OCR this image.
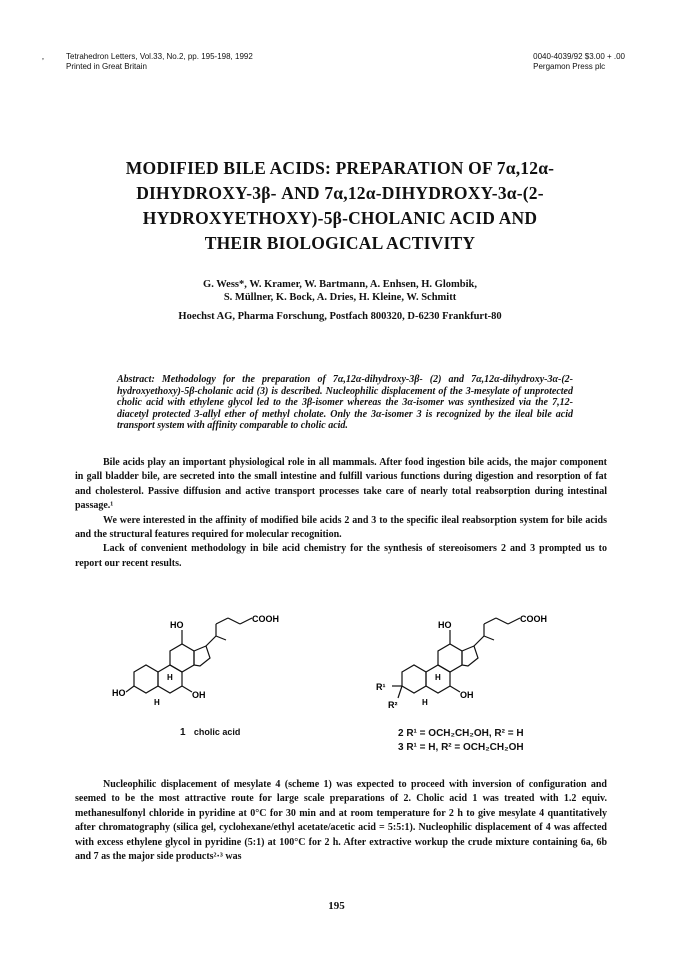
,	Tetrahedron Letters, Vol.33, No.2, pp. 195-198, 1992
Printed in Great Britain
0040-4039/92 $3.00 + .00
Pergamon Press plc
MODIFIED BILE ACIDS: PREPARATION OF 7α,12α-
DIHYDROXY-3β- AND 7α,12α-DIHYDROXY-3α-(2-
HYDROXYETHOXY)-5β-CHOLANIC ACID AND
THEIR BIOLOGICAL ACTIVITY
G. Wess*, W. Kramer, W. Bartmann, A. Enhsen, H. Glombik,
S. Müllner, K. Bock, A. Dries, H. Kleine, W. Schmitt
Hoechst AG, Pharma Forschung, Postfach 800320, D-6230 Frankfurt-80
Abstract: Methodology for the preparation of 7α,12α-dihydroxy-3β- (2) and 7α,12α-dihydroxy-3α-(2-hydroxyethoxy)-5β-cholanic acid (3) is described. Nucleophilic displacement of the 3-mesylate of unprotected cholic acid with ethylene glycol led to the 3β-isomer whereas the 3α-isomer was synthesized via the 7,12-diacetyl protected 3-allyl ether of methyl cholate. Only the 3α-isomer 3 is recognized by the ileal bile acid transport system with affinity comparable to cholic acid.

Bile acids play an important physiological role in all mammals. After food ingestion bile acids, the major component in gall bladder bile, are secreted into the small intestine and fulfill various functions during digestion and resorption of fat and cholesterol. Passive diffusion and active transport processes take care of nearly total reabsorption during intestinal passage.¹

We were interested in the affinity of modified bile acids 2 and 3 to the specific ileal reabsorption system for bile acids and the structural features required for molecular recognition.

Lack of convenient methodology in bile acid chemistry for the synthesis of stereoisomers 2 and 3 prompted us to report our recent results.

HO
COOH
HO	OH
H
H
1 cholic acid
HO
COOH
R¹
R²
OH
H
H
2 R¹ = OCH₂CH₂OH, R² = H
3 R¹ = H, R² = OCH₂CH₂OH

Nucleophilic displacement of mesylate 4 (scheme 1) was expected to proceed with inversion of configuration and seemed to be the most attractive route for large scale preparations of 2. Cholic acid 1 was treated with 1.2 equiv. methanesulfonyl chloride in pyridine at 0°C for 30 min and at room temperature for 2 h to give mesylate 4 quantitatively after chromatography (silica gel, cyclohexane/ethyl acetate/acetic acid = 5:5:1). Nucleophilic displacement of 4 was affected with excess ethylene glycol in pyridine (5:1) at 100°C for 2 h. After extractive workup the crude mixture containing 6a, 6b and 7 as the major side products²·³ was

195
